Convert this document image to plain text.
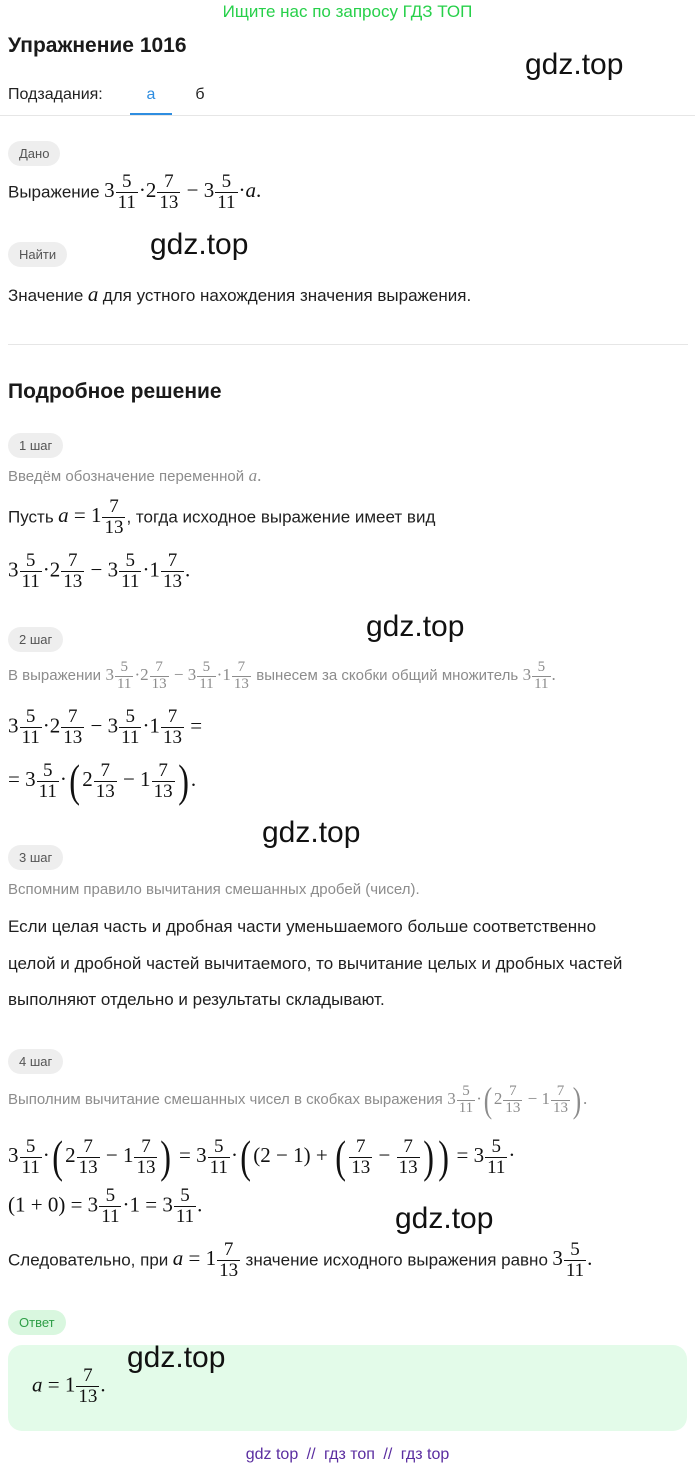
Ищите нас по запросу ГДЗ ТОП
Упражнение 1016
gdz.top
Подзадания:	а	б
Дано
Выражение $3 \frac{5}{11} \cdot 2 \frac{7}{13} - 3 \frac{5}{11} \cdot a$.
Найти	gdz.top
Значение a для устного нахождения значения выражения.
Подробное решение
1 шаг
Введём обозначение переменной a.
Пусть $a = 1 \frac{7}{13}$ , тогда исходное выражение имеет вид
$3 \frac{5}{11} \cdot 2 \frac{7}{13} - 3 \frac{5}{11} \cdot 1 \frac{7}{13}$ .
gdz.top
2 шаг
В выражении $3 \frac{5}{11} \cdot 2 \frac{7}{13} - 3 \frac{5}{11} \cdot 1 \frac{7}{13}$ вынесем за скобки общий множитель $3 \frac{5}{11}$ .
$3 \frac{5}{11} \cdot 2 \frac{7}{13} - 3 \frac{5}{11} \cdot 1 \frac{7}{13}$ =
= $3 \frac{5}{11}$ ·( $2 \frac{7}{13} - 1 \frac{7}{13}$ ) .
gdz.top
3 шаг
Вспомним правило вычитания смешанных дробей (чисел).
Если целая часть и дробная части уменьшаемого больше соответственно
целой и дробной частей вычитаемого, то вычитание целых и дробных частей
выполняют отдельно и результаты складывают.
4 шаг
Выполним вычитание смешанных чисел в скобках выражения $3 \frac{5}{11}$ ·( $2 \frac{7}{13} - 1 \frac{7}{13}$ ) .
$3 \frac{5}{11}$ ·( $2 \frac{7}{13} - 1 \frac{7}{13}$ ) = $3 \frac{5}{11}$ ·( (2 − 1) + ( $\frac{7}{13} - \frac{7}{13}$ )) = $3 \frac{5}{11}$ ·
$(1 + 0) = 3 \frac{5}{11} \cdot 1 = 3 \frac{5}{11}$ .	gdz.top
Следовательно, при $a = 1 \frac{7}{13}$ значение исходного выражения равно $3 \frac{5}{11}$ .
Ответ
gdz.top
$a = 1 \frac{7}{13}$ .
gdz top // гдз топ // гдз top
